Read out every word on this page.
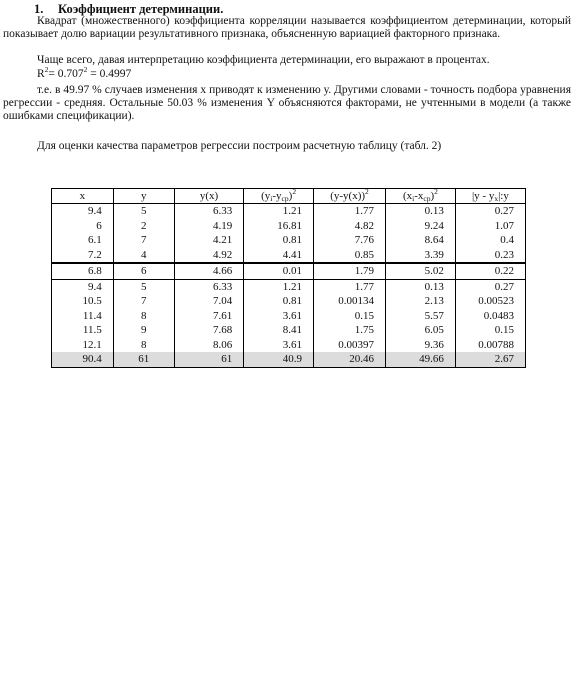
1. Коэффициент детерминации.
Квадрат (множественного) коэффициента корреляции называется коэффициентом детерминации, который показывает долю вариации результативного признака, объясненную вариацией факторного признака.
Чаще всего, давая интерпретацию коэффициента детерминации, его выражают в процентах.
$R^2= 0.707^2 = 0.4997$
т.е. в 49.97 % случаев изменения х приводят к изменению у. Другими словами - точность подбора уравнения регрессии - средняя. Остальные 50.03 % изменения Y объясняются факторами, не учтенными в модели (а также ошибками спецификации).
Для оценки качества параметров регрессии построим расчетную таблицу (табл. 2)
x	y	y(x)	$(y_i-y_{cp})^2$	$(y-y(x))^2$	$(x_i-x_{cp})^2$	$|y - y_x|:y$
9.4	5	6.33	1.21	1.77	0.13	0.27
6	2	4.19	16.81	4.82	9.24	1.07
6.1	7	4.21	0.81	7.76	8.64	0.4
7.2	4	4.92	4.41	0.85	3.39	0.23
6.8	6	4.66	0.01	1.79	5.02	0.22
9.4	5	6.33	1.21	1.77	0.13	0.27
10.5	7	7.04	0.81	0.00134	2.13	0.00523
11.4	8	7.61	3.61	0.15	5.57	0.0483
11.5	9	7.68	8.41	1.75	6.05	0.15
12.1	8	8.06	3.61	0.00397	9.36	0.00788
90.4	61	61	40.9	20.46	49.66	2.67
